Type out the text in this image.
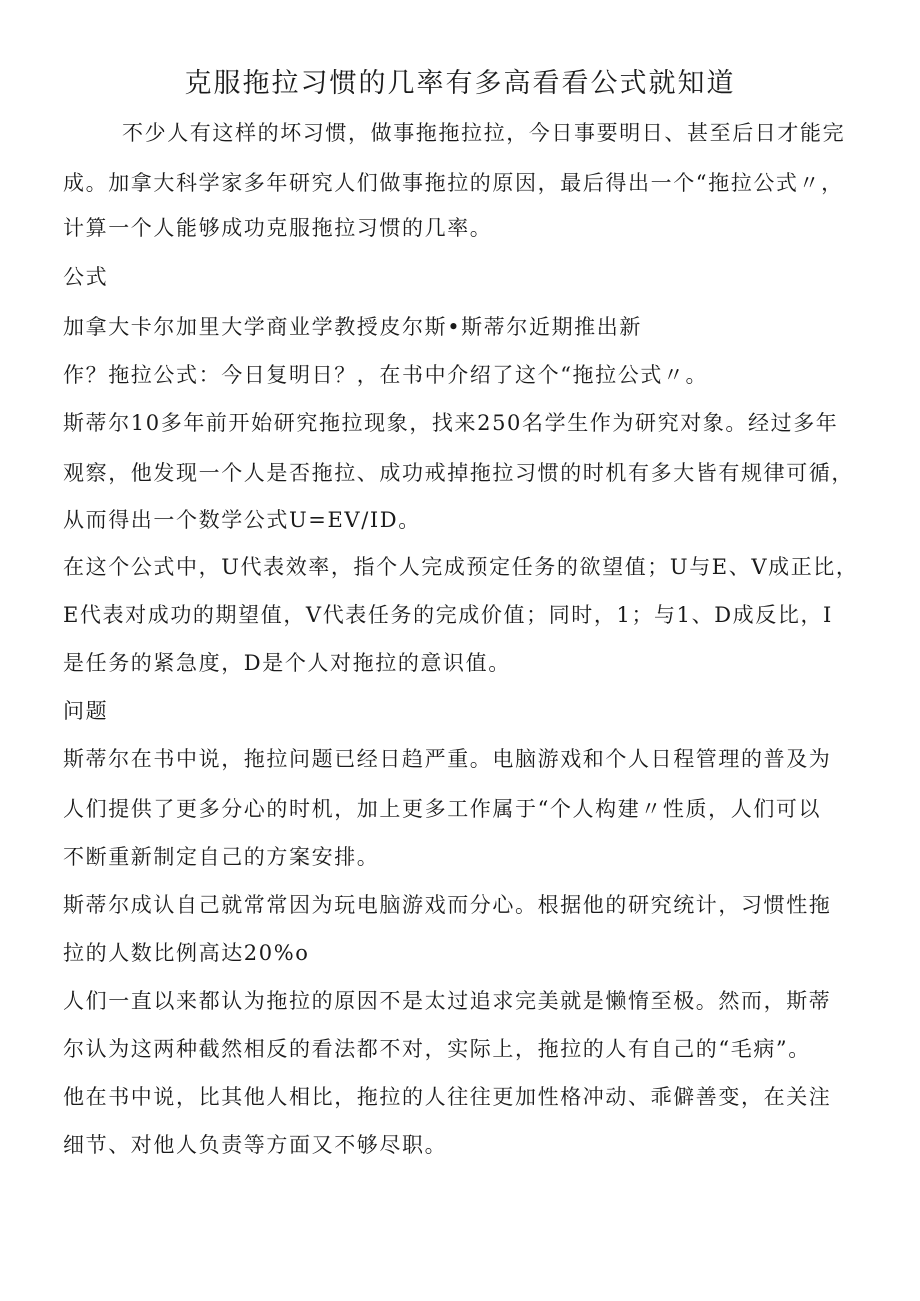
克服拖拉习惯的几率有多高看看公式就知道

不少人有这样的坏习惯，做事拖拖拉拉，今日事要明日、甚至后日才能完

成。加拿大科学家多年研究人们做事拖拉的原因，最后得出一个“拖拉公式〃，

计算一个人能够成功克服拖拉习惯的几率。

公式

加拿大卡尔加里大学商业学教授皮尔斯•斯蒂尔近期推出新

作？拖拉公式：今日复明日？，在书中介绍了这个“拖拉公式〃。

斯蒂尔10多年前开始研究拖拉现象，找来250名学生作为研究对象。经过多年

观察，他发现一个人是否拖拉、成功戒掉拖拉习惯的时机有多大皆有规律可循，

从而得出一个数学公式U=EV/ID。

在这个公式中，U代表效率，指个人完成预定任务的欲望值；U与E、V成正比，

E代表对成功的期望值，V代表任务的完成价值；同时，1；与1、D成反比，I

是任务的紧急度，D是个人对拖拉的意识值。

问题

斯蒂尔在书中说，拖拉问题已经日趋严重。电脑游戏和个人日程管理的普及为

人们提供了更多分心的时机，加上更多工作属于“个人构建〃性质，人们可以

不断重新制定自己的方案安排。

斯蒂尔成认自己就常常因为玩电脑游戏而分心。根据他的研究统计，习惯性拖

拉的人数比例高达20%o

人们一直以来都认为拖拉的原因不是太过追求完美就是懒惰至极。然而，斯蒂

尔认为这两种截然相反的看法都不对，实际上，拖拉的人有自己的“毛病”。

他在书中说，比其他人相比，拖拉的人往往更加性格冲动、乖僻善变，在关注

细节、对他人负责等方面又不够尽职。
